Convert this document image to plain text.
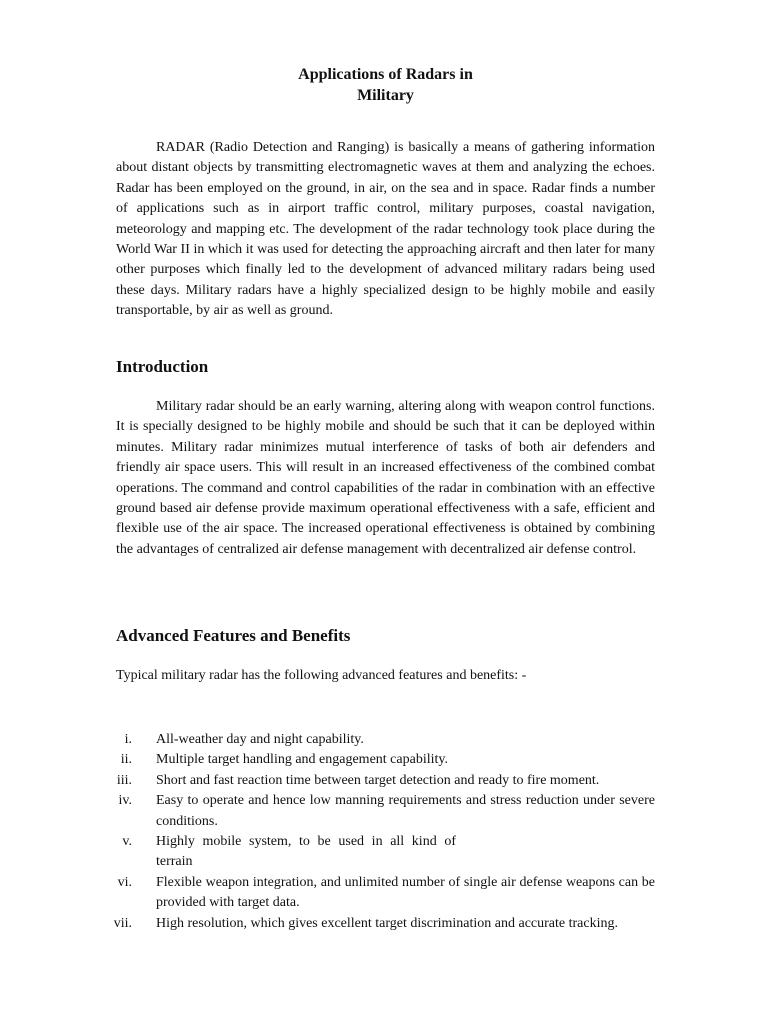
Applications of Radars in
Military

RADAR (Radio Detection and Ranging) is basically a means of gathering information about distant objects by transmitting electromagnetic waves at them and analyzing the echoes. Radar has been employed on the ground, in air, on the sea and in space. Radar finds a number of applications such as in airport traffic control, military purposes, coastal navigation, meteorology and mapping etc. The development of the radar technology took place during the World War II in which it was used for detecting the approaching aircraft and then later for many other purposes which finally led to the development of advanced military radars being used these days. Military radars have a highly specialized design to be highly mobile and easily transportable, by air as well as ground.

Introduction

Military radar should be an early warning, altering along with weapon control functions. It is specially designed to be highly mobile and should be such that it can be deployed within minutes. Military radar minimizes mutual interference of tasks of both air defenders and friendly air space users. This will result in an increased effectiveness of the combined combat operations. The command and control capabilities of the radar in combination with an effective ground based air defense provide maximum operational effectiveness with a safe, efficient and flexible use of the air space. The increased operational effectiveness is obtained by combining the advantages of centralized air defense management with decentralized air defense control.

Advanced Features and Benefits

Typical military radar has the following advanced features and benefits: -

i. All-weather day and night capability.
ii. Multiple target handling and engagement capability.
iii. Short and fast reaction time between target detection and ready to fire moment.
iv. Easy to operate and hence low manning requirements and stress reduction under severe conditions.
v. Highly mobile system, to be used in all kind of terrain
vi. Flexible weapon integration, and unlimited number of single air defense weapons can be provided with target data.
vii. High resolution, which gives excellent target discrimination and accurate tracking.
